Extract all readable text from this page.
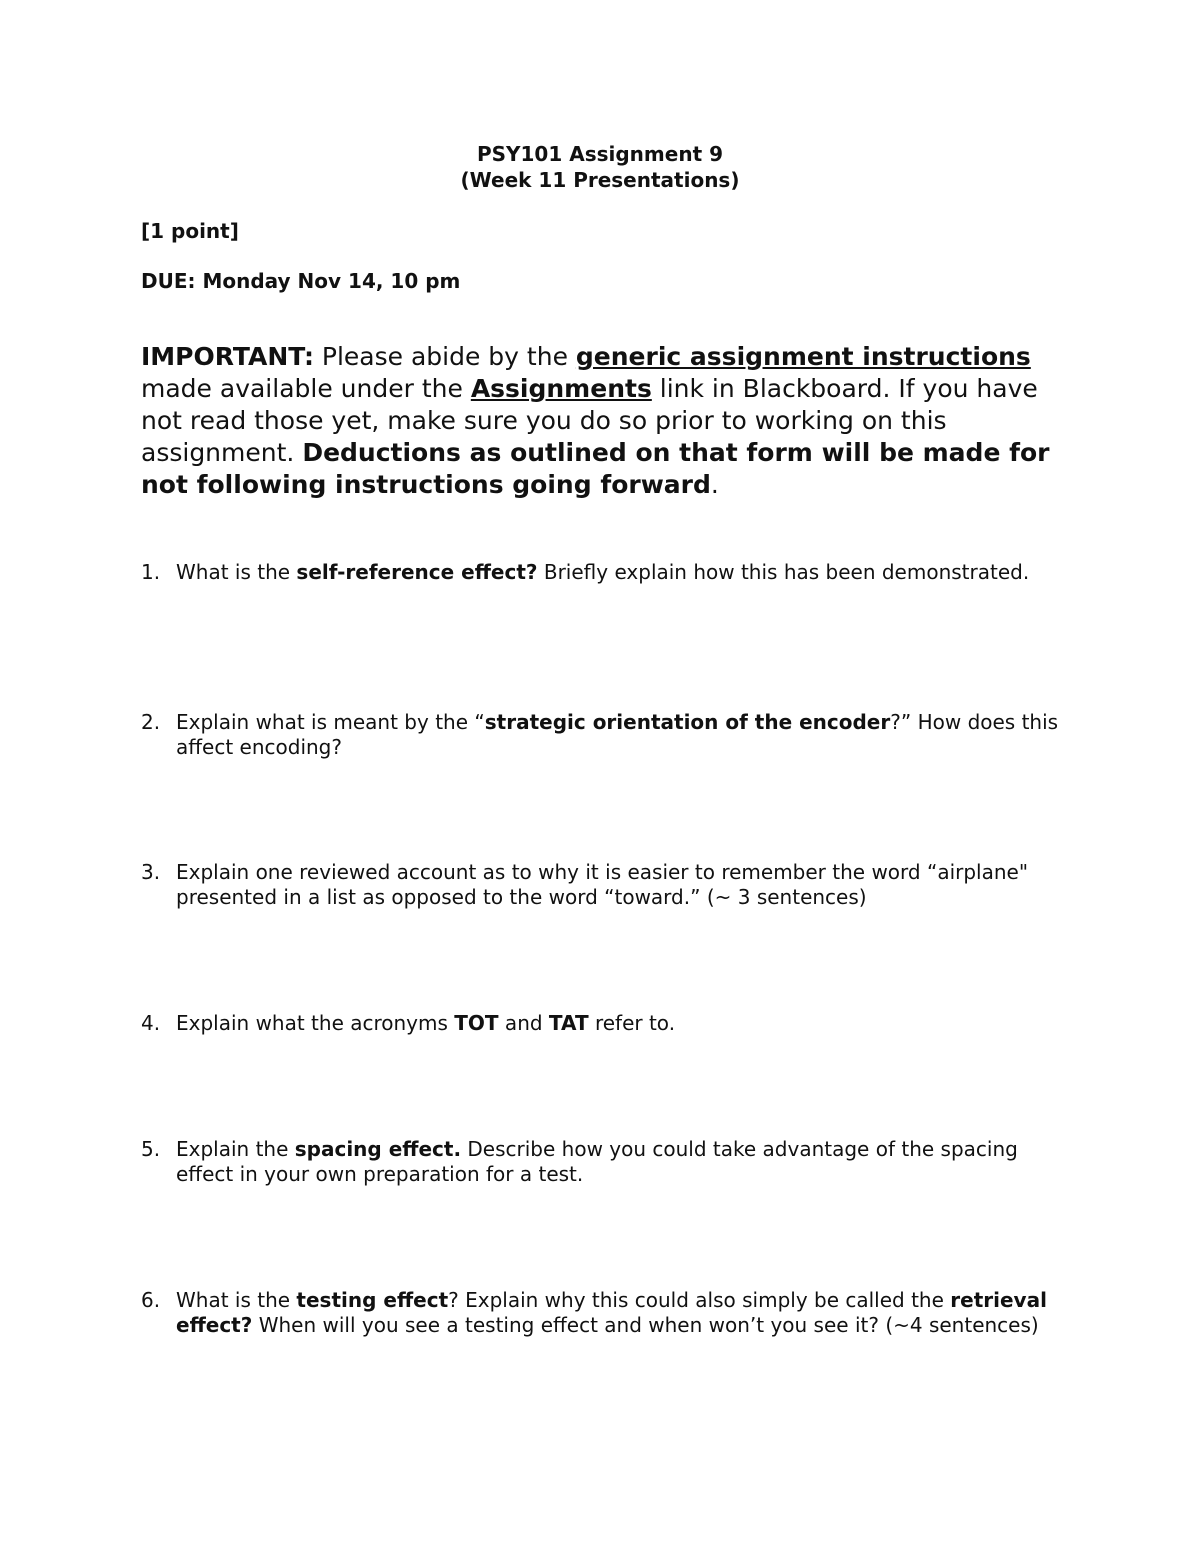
PSY101 Assignment 9
(Week 11 Presentations)
[1 point]
DUE: Monday Nov 14, 10 pm
IMPORTANT: Please abide by the generic assignment instructions made available under the Assignments link in Blackboard. If you have not read those yet, make sure you do so prior to working on this assignment. Deductions as outlined on that form will be made for not following instructions going forward.
1. What is the self-reference effect? Briefly explain how this has been demonstrated.
2. Explain what is meant by the “strategic orientation of the encoder?” How does this affect encoding?
3. Explain one reviewed account as to why it is easier to remember the word “airplane" presented in a list as opposed to the word “toward.” (~ 3 sentences)
4. Explain what the acronyms TOT and TAT refer to.
5. Explain the spacing effect. Describe how you could take advantage of the spacing effect in your own preparation for a test.
6. What is the testing effect? Explain why this could also simply be called the retrieval effect? When will you see a testing effect and when won’t you see it? (~4 sentences)
